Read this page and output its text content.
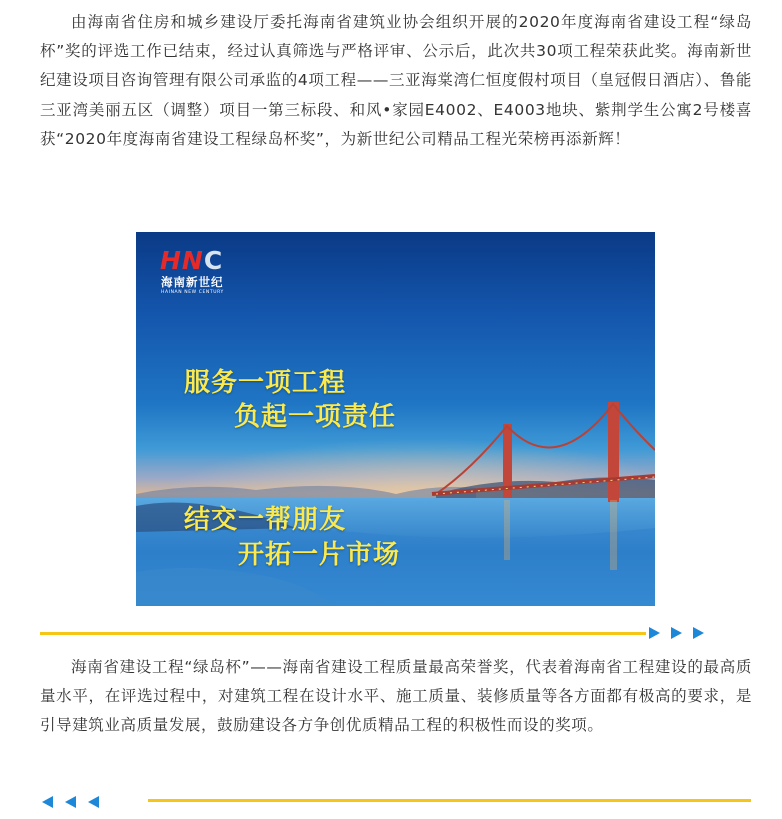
由海南省住房和城乡建设厅委托海南省建筑业协会组织开展的2020年度海南省建设工程“绿岛杯”奖的评选工作已结束，经过认真筛选与严格评审、公示后，此次共30项工程荣获此奖。海南新世纪建设项目咨询管理有限公司承监的4项工程——三亚海棠湾仁恒度假村项目（皇冠假日酒店）、鲁能三亚湾美丽五区（调整）项目一第三标段、和风•家园E4002、E4003地块、紫荆学生公寓2号楼喜获“2020年度海南省建设工程绿岛杯奖”，为新世纪公司精品工程光荣榜再添新辉！

HNC
海南新世纪
HAINAN NEW CENTURY
服务一项工程
负起一项责任
结交一帮朋友
开拓一片市场

海南省建设工程“绿岛杯”——海南省建设工程质量最高荣誉奖，代表着海南省工程建设的最高质量水平，在评选过程中，对建筑工程在设计水平、施工质量、装修质量等各方面都有极高的要求，是引导建筑业高质量发展，鼓励建设各方争创优质精品工程的积极性而设的奖项。
